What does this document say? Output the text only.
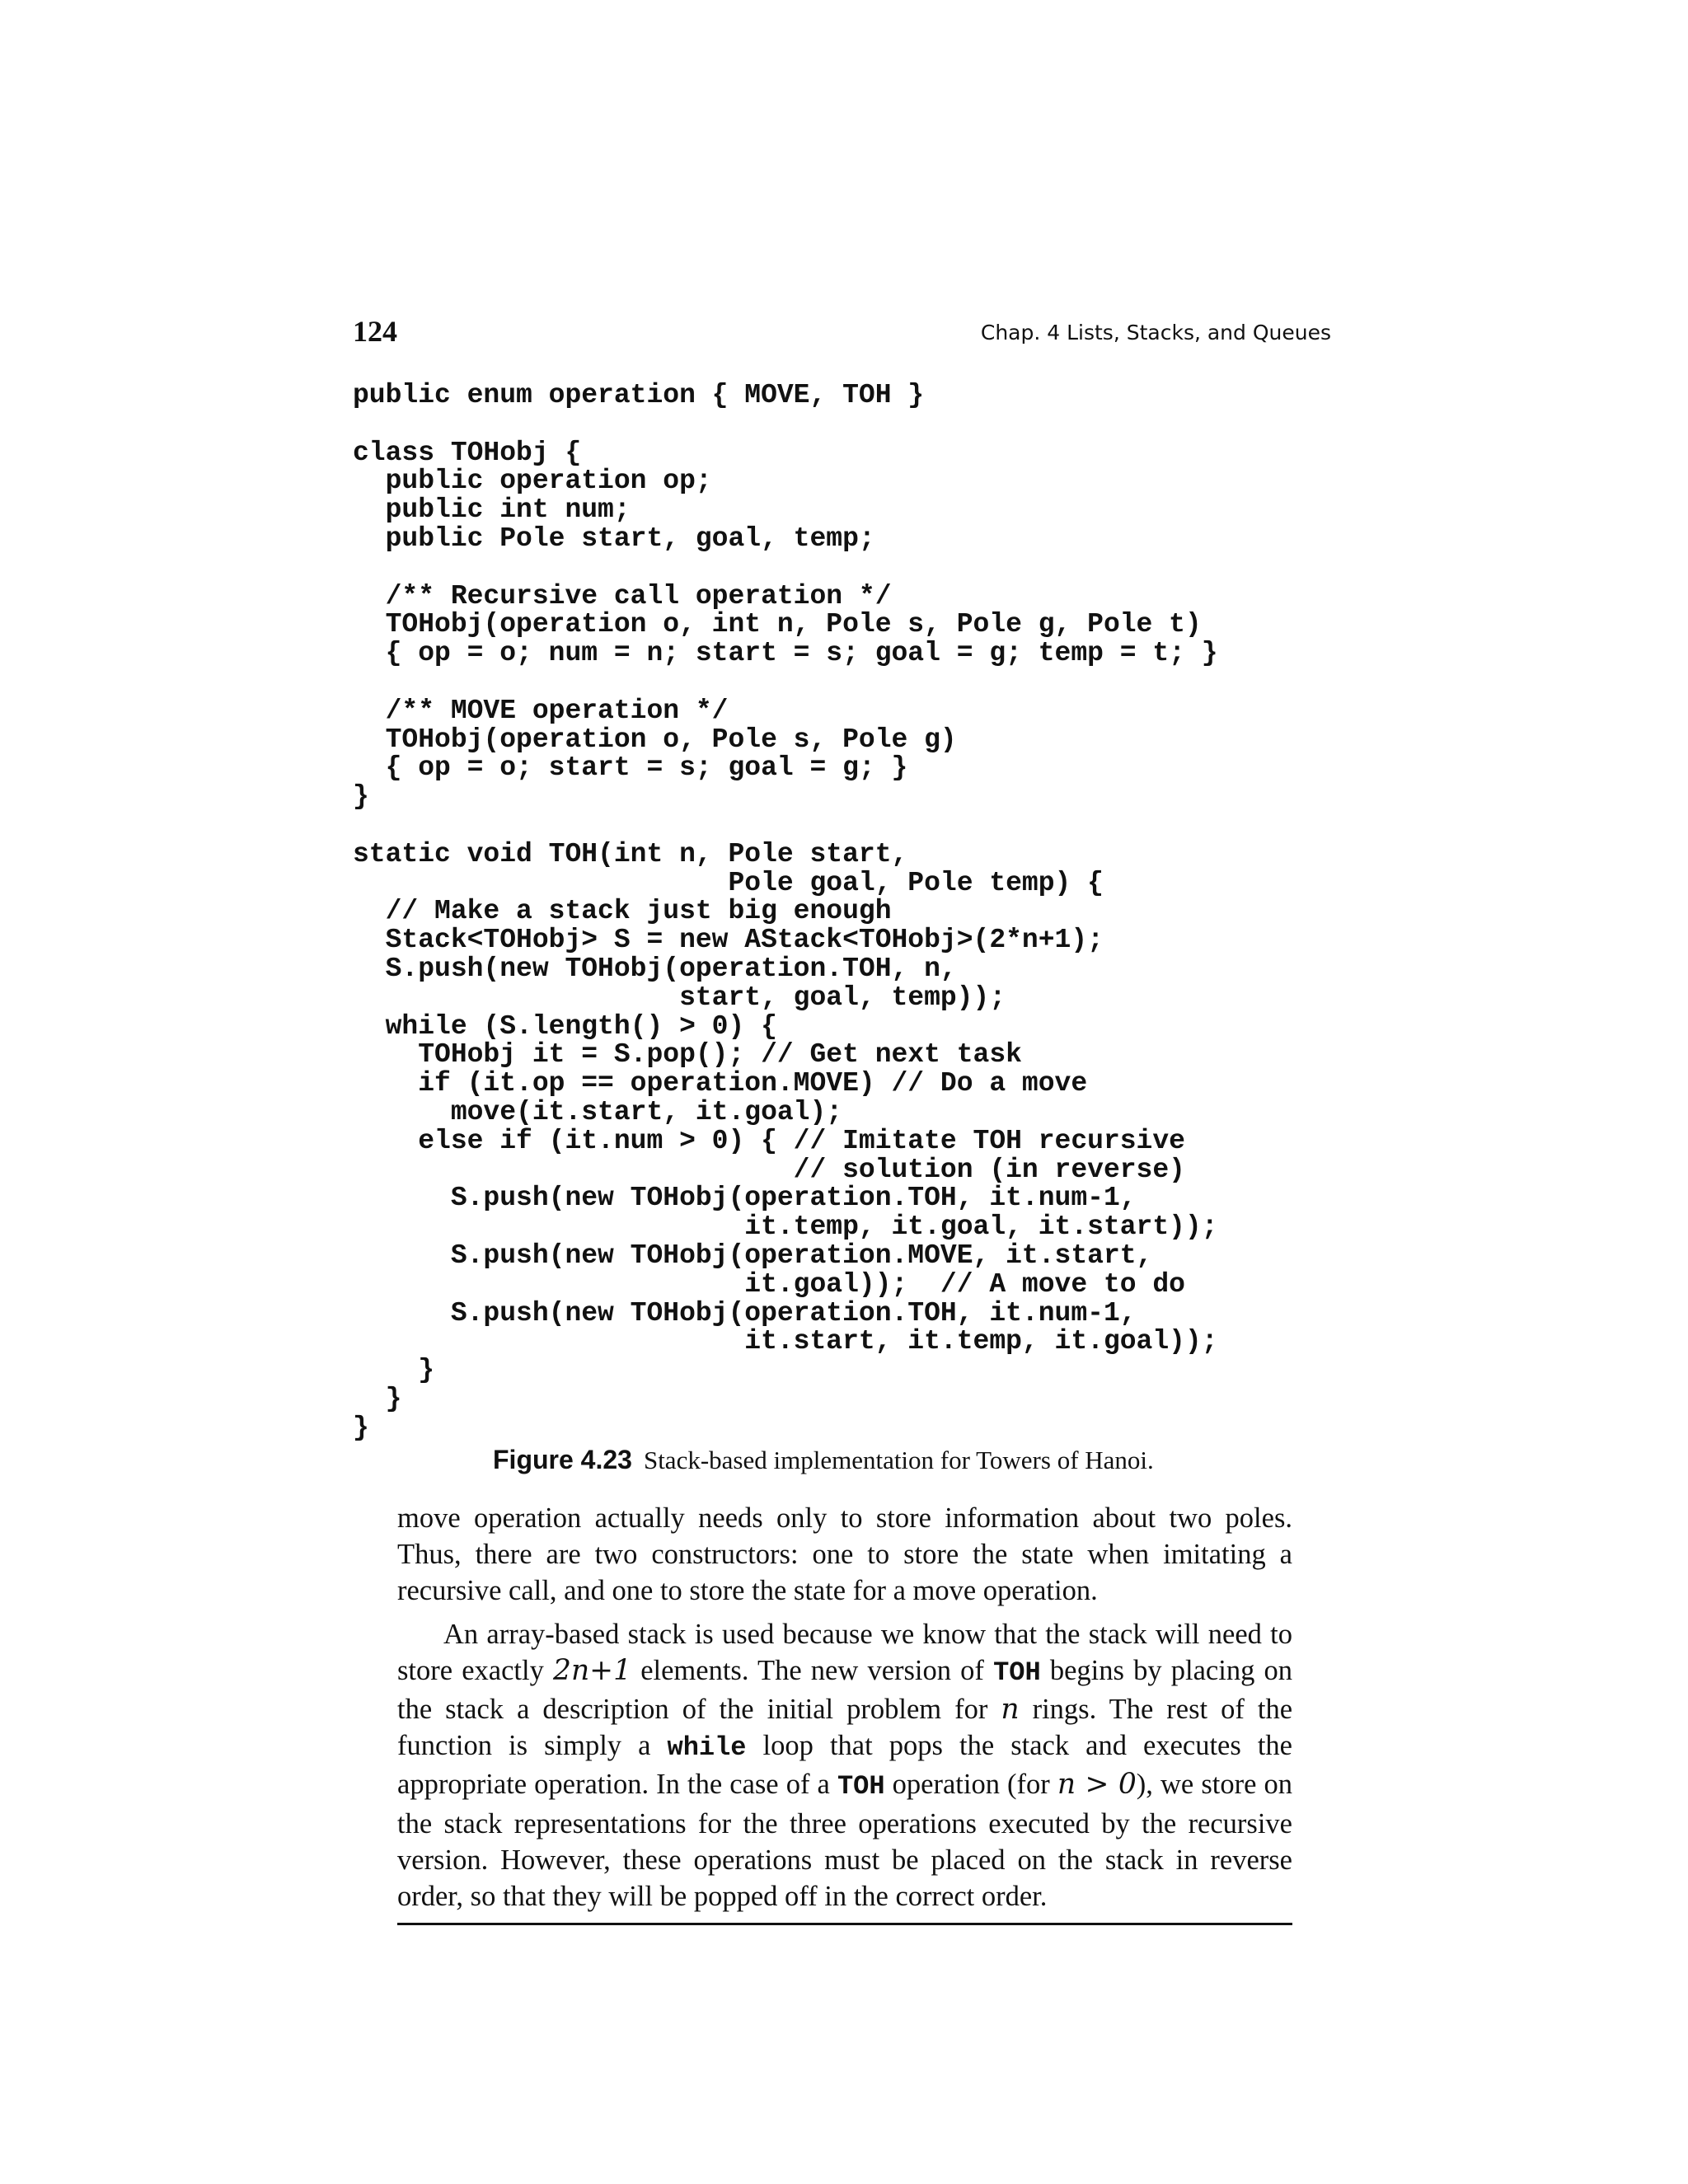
124	Chap. 4 Lists, Stacks, and Queues
public enum operation { MOVE, TOH }
class TOHobj {
public operation op;
public int num;
public Pole start, goal, temp;
/** Recursive call operation */
TOHobj(operation o, int n, Pole s, Pole g, Pole t)
{ op = o; num = n; start = s; goal = g; temp = t; }
/** MOVE operation */
TOHobj(operation o, Pole s, Pole g)
{ op = o; start = s; goal = g; }
}
static void TOH(int n, Pole start,
Pole goal, Pole temp) {
// Make a stack just big enough
Stack<TOHobj> S = new AStack<TOHobj>(2*n+1);
S.push(new TOHobj(operation.TOH, n,
start, goal, temp));
while (S.length() > 0) {
TOHobj it = S.pop(); // Get next task
if (it.op == operation.MOVE) // Do a move
move(it.start, it.goal);
else if (it.num > 0) { // Imitate TOH recursive
// solution (in reverse)
S.push(new TOHobj(operation.TOH, it.num-1,
it.temp, it.goal, it.start));
S.push(new TOHobj(operation.MOVE, it.start,
it.goal));  // A move to do
S.push(new TOHobj(operation.TOH, it.num-1,
it.start, it.temp, it.goal));
}
}
}
Figure 4.23 Stack-based implementation for Towers of Hanoi.

move operation actually needs only to store information about two poles. Thus, there are two constructors: one to store the state when imitating a recursive call, and one to store the state for a move operation.

An array-based stack is used because we know that the stack will need to store exactly 2n+1 elements. The new version of TOH begins by placing on the stack a description of the initial problem for n rings. The rest of the function is simply a while loop that pops the stack and executes the appropriate operation. In the case of a TOH operation (for n > 0), we store on the stack representations for the three operations executed by the recursive version. However, these operations must be placed on the stack in reverse order, so that they will be popped off in the correct order.
